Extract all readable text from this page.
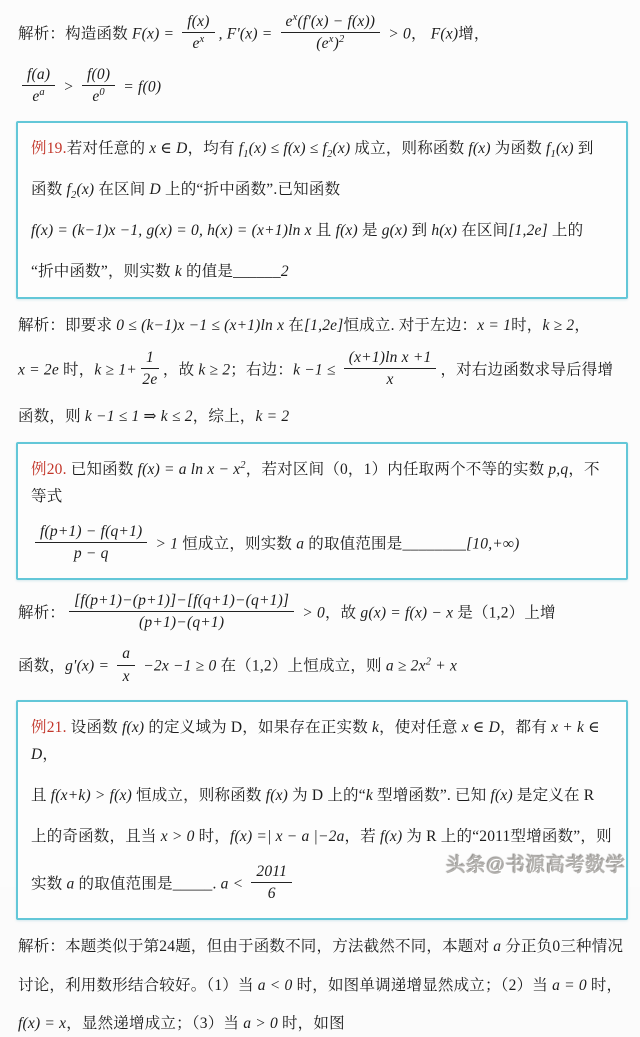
解析：构造函数 $F(x) = \frac{f(x)}{e^x}$ , $F'(x) = \frac{e^x(f'(x) - f(x))}{(e^x)^2} > 0$， F(x)增，
$\frac{f(a)}{e^a} > \frac{f(0)}{e^0} = f(0)$
例19.若对任意的 x ∈ D，均有 $f_1(x) \le f(x) \le f_2(x)$ 成立，则称函数 f(x) 为函数 $f_1(x)$ 到
函数 $f_2(x)$ 在区间 D 上的“折中函数”.已知函数
f(x) = (k−1)x −1, g(x) = 0, h(x) = (x+1)ln x 且 f(x) 是 g(x) 到 h(x) 在区间[1,2e] 上的
“折中函数”，则实数 k 的值是______2
解析：即要求 0 ≤ (k−1)x −1 ≤ (x+1)ln x 在[1,2e]恒成立. 对于左边：x = 1时，k ≥ 2，
x = 2e 时，$k \ge 1+ \frac{1}{2e}$ ，故 k ≥ 2；右边：$k -1 \le \frac{\text{(x+1)ln x +1}}{x}$ ，对右边函数求导后得增
函数，则 k −1 ≤ 1 ⇒ k ≤ 2，综上，k = 2
例20. 已知函数 f(x) = a $\ln x - x^2$，若对区间（0，1）内任取两个不等的实数 p,q，不等式
$\frac{f(p+1) - f(q+1)}{p - q} > 1$ 恒成立，则实数 a 的取值范围是________[10,+∞)
解析： $\frac{[f(p+1)-(p+1)]-[f(q+1)-(q+1)]}{(p+1)-(q+1)} > 0$，故 g(x) = f(x) − x 是（1,2）上增
函数，$g'(x) = \frac{a}{x} -2x -1 \ge 0$ 在（1,2）上恒成立，则 $a \ge 2x^2 + x$
例21. 设函数 f(x) 的定义域为 D，如果存在正实数 k，使对任意 x ∈ D，都有 x + k ∈ D，
且 f(x+k) > f(x) 恒成立，则称函数 f(x) 为 D 上的“k 型增函数”. 已知 f(x) 是定义在 R
上的奇函数，且当 x > 0 时，f(x) =| x − a |−2a，若 f(x) 为 R 上的“2011型增函数”，则
实数 a 的取值范围是_____. $a < \frac{2011}{6}$
解析：本题类似于第24题，但由于函数不同，方法截然不同，本题对 a 分正负0三种情况
讨论，利用数形结合较好。（1）当 a < 0 时，如图单调递增显然成立；（2）当 a = 0 时，
f(x) = x，显然递增成立；（3）当 a > 0 时，如图
头条@书源高考数学
